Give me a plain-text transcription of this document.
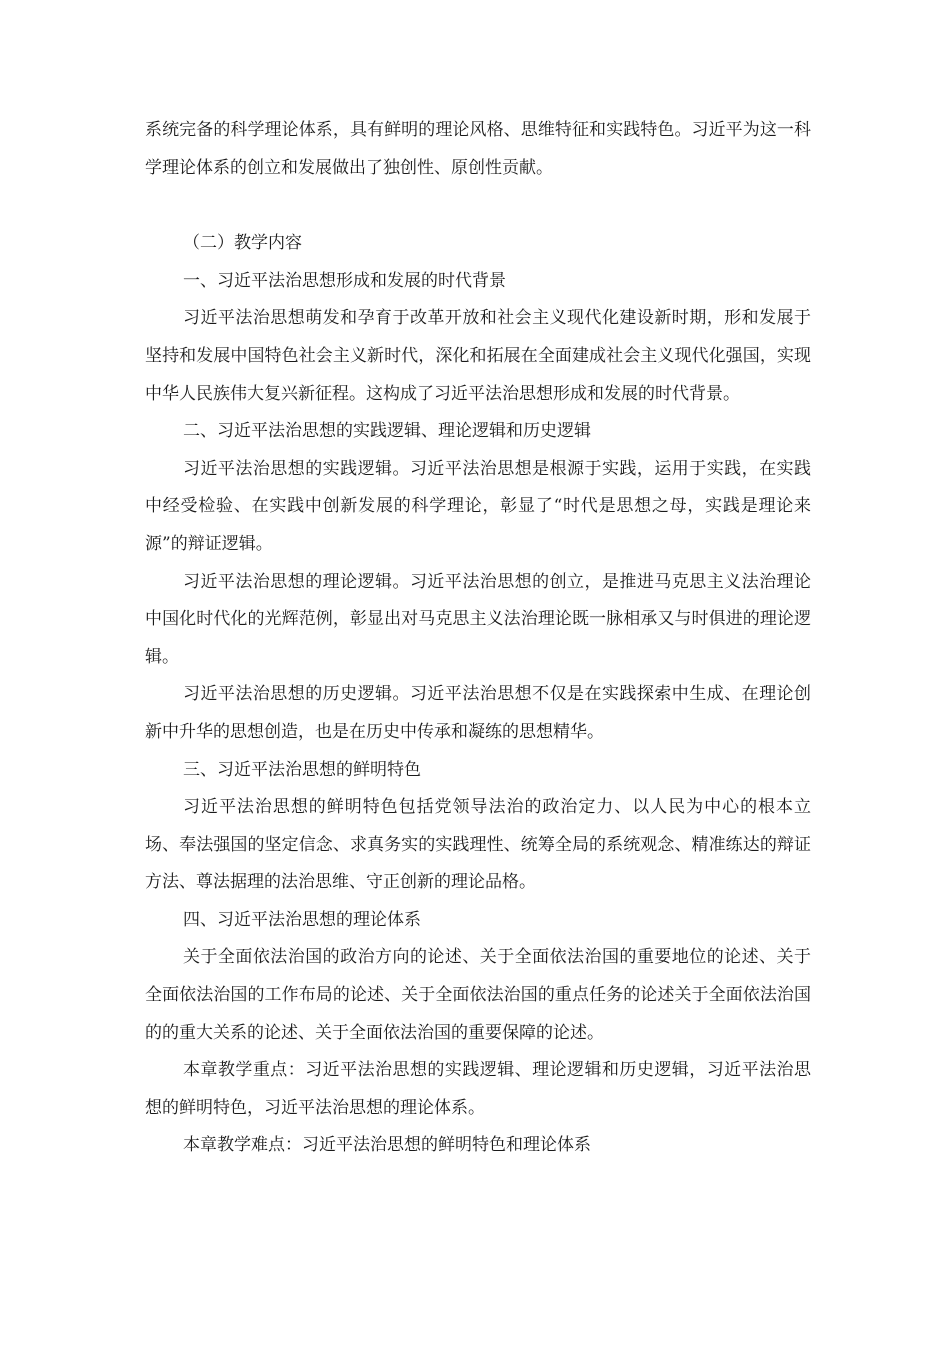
系统完备的科学理论体系，具有鲜明的理论风格、思维特征和实践特色。习近平为这一科学理论体系的创立和发展做出了独创性、原创性贡献。

（二）教学内容

一、习近平法治思想形成和发展的时代背景

习近平法治思想萌发和孕育于改革开放和社会主义现代化建设新时期，形和发展于坚持和发展中国特色社会主义新时代，深化和拓展在全面建成社会主义现代化强国，实现中华人民族伟大复兴新征程。这构成了习近平法治思想形成和发展的时代背景。

二、习近平法治思想的实践逻辑、理论逻辑和历史逻辑

习近平法治思想的实践逻辑。习近平法治思想是根源于实践，运用于实践，在实践中经受检验、在实践中创新发展的科学理论，彰显了“时代是思想之母，实践是理论来源”的辩证逻辑。

习近平法治思想的理论逻辑。习近平法治思想的创立，是推进马克思主义法治理论中国化时代化的光辉范例，彰显出对马克思主义法治理论既一脉相承又与时俱进的理论逻辑。

习近平法治思想的历史逻辑。习近平法治思想不仅是在实践探索中生成、在理论创新中升华的思想创造，也是在历史中传承和凝练的思想精华。

三、习近平法治思想的鲜明特色

习近平法治思想的鲜明特色包括党领导法治的政治定力、以人民为中心的根本立场、奉法强国的坚定信念、求真务实的实践理性、统筹全局的系统观念、精准练达的辩证方法、尊法据理的法治思维、守正创新的理论品格。

四、习近平法治思想的理论体系

关于全面依法治国的政治方向的论述、关于全面依法治国的重要地位的论述、关于全面依法治国的工作布局的论述、关于全面依法治国的重点任务的论述关于全面依法治国的的重大关系的论述、关于全面依法治国的重要保障的论述。

本章教学重点：习近平法治思想的实践逻辑、理论逻辑和历史逻辑，习近平法治思想的鲜明特色，习近平法治思想的理论体系。

本章教学难点：习近平法治思想的鲜明特色和理论体系
